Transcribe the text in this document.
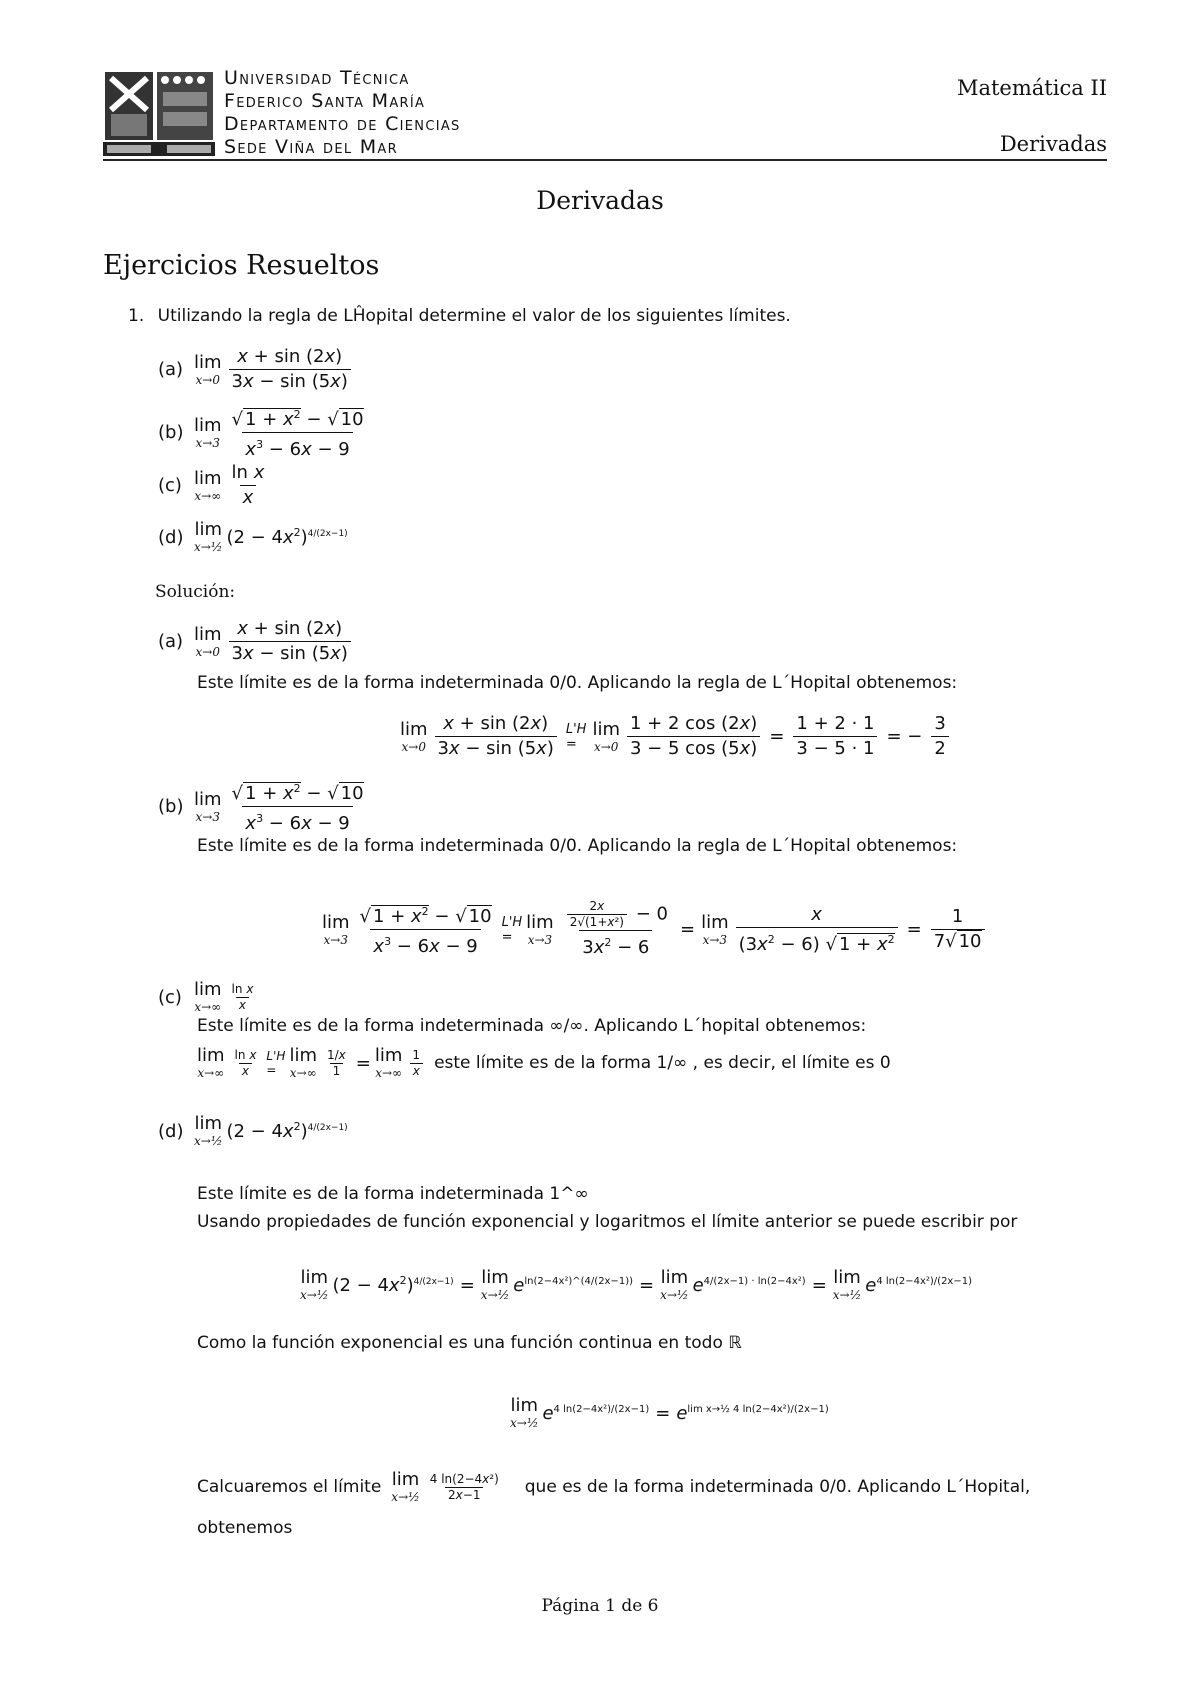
Universidad Técnica
Federico Santa María
Departamento de Ciencias
Sede Viña del Mar
Matemática II
Derivadas
Derivadas
Ejercicios Resueltos
1. Utilizando la regla de LĤopital determine el valor de los siguientes límites.
(a) lim
$x\to 0 \frac{x + \sin (2x)}{3x - \sin (5x)}$
(b) lim
$x\to 3 \frac{√ 1 + x^2 - √ 10}{x^3 - 6x - 9}$
(c) lim
$x\to\infty \frac{\text{ln x}}{x}$
(d) lim
x→½ $(2 - 4x^2)^{4/(2x-1)}$
Solución:
(a) lim
$x\to 0 \frac{x + \sin (2x)}{3x - \sin (5x)}$
Este límite es de la forma indeterminada 0/0. Aplicando la regla de L´Hopital obtenemos:
lim
$x\to 0 \frac{x + \sin (2x)}{3x - \sin (5x)} L'H$
=
lim
$x\to 0 \frac{1 + 2 \cos (2x)}{3 - 5 \cos (5x)} = \frac{1 + 2 \cdot 1}{3 - 5 \cdot 1}$ = − $\frac{3}{2}$
(b) lim
$x\to 3 \frac{√ 1 + x^2 - √ 10}{x^3 - 6x - 9}$
Este límite es de la forma indeterminada 0/0. Aplicando la regla de L´Hopital obtenemos:
lim
$x\to 3 \frac{√ 1 + x^2 - √ 10}{x^3 - 6x - 9} L'H$
=
lim
$x\to 3 \frac{\frac{2x}{\text{2√(1+x²)}} - 0}{3x^2 - 6} = \lim$
$x\to 3 \frac{x}{(3x^2 - 6) √ 1 + x^2} = \frac{1}{7√ 10}$
(c) lim
$x\to\infty \frac{\text{ln x}}{x}$
Este límite es de la forma indeterminada ∞/∞. Aplicando L´hopital obtenemos:
lim
$x\to\infty \frac{\text{ln x}}{x} L'H$
=
lim
$x\to\infty \frac{1/x}{1} = \lim$
$x\to\infty \frac{1}{x}$ este límite es de la forma 1/∞ , es decir, el límite es 0
(d) lim
x→½ $(2 - 4x^2)^{4/(2x-1)}$
Este límite es de la forma indeterminada 1^∞
Usando propiedades de función exponencial y logaritmos el límite anterior se puede escribir por
lim
x→½ $(2 - 4x^2)^{4/(2x-1)} = \lim$
x→½ $e^{ln(2-4x^2)\^{}(4/(2x-1))} = \lim$
x→½ $e^{4/(2x-1) \cdot ln(2-4x^2)} = \lim$
x→½ $e^{4 ln(2-4x^2)/(2x-1)}$
Como la función exponencial es una función continua en todo ℝ
lim
x→½ $e^{4 ln(2-4x^2)/(2x-1)} = e^{lim x\to\frac{1}{2} 4 ln(2-4x^2)/(2x-1)}$
Calcuaremos el límite lim
x→½ $\frac{\text{4 ln(2−4x²)}}{2x-1}$ que es de la forma indeterminada 0/0. Aplicando L´Hopital,
obtenemos
Página 1 de 6
